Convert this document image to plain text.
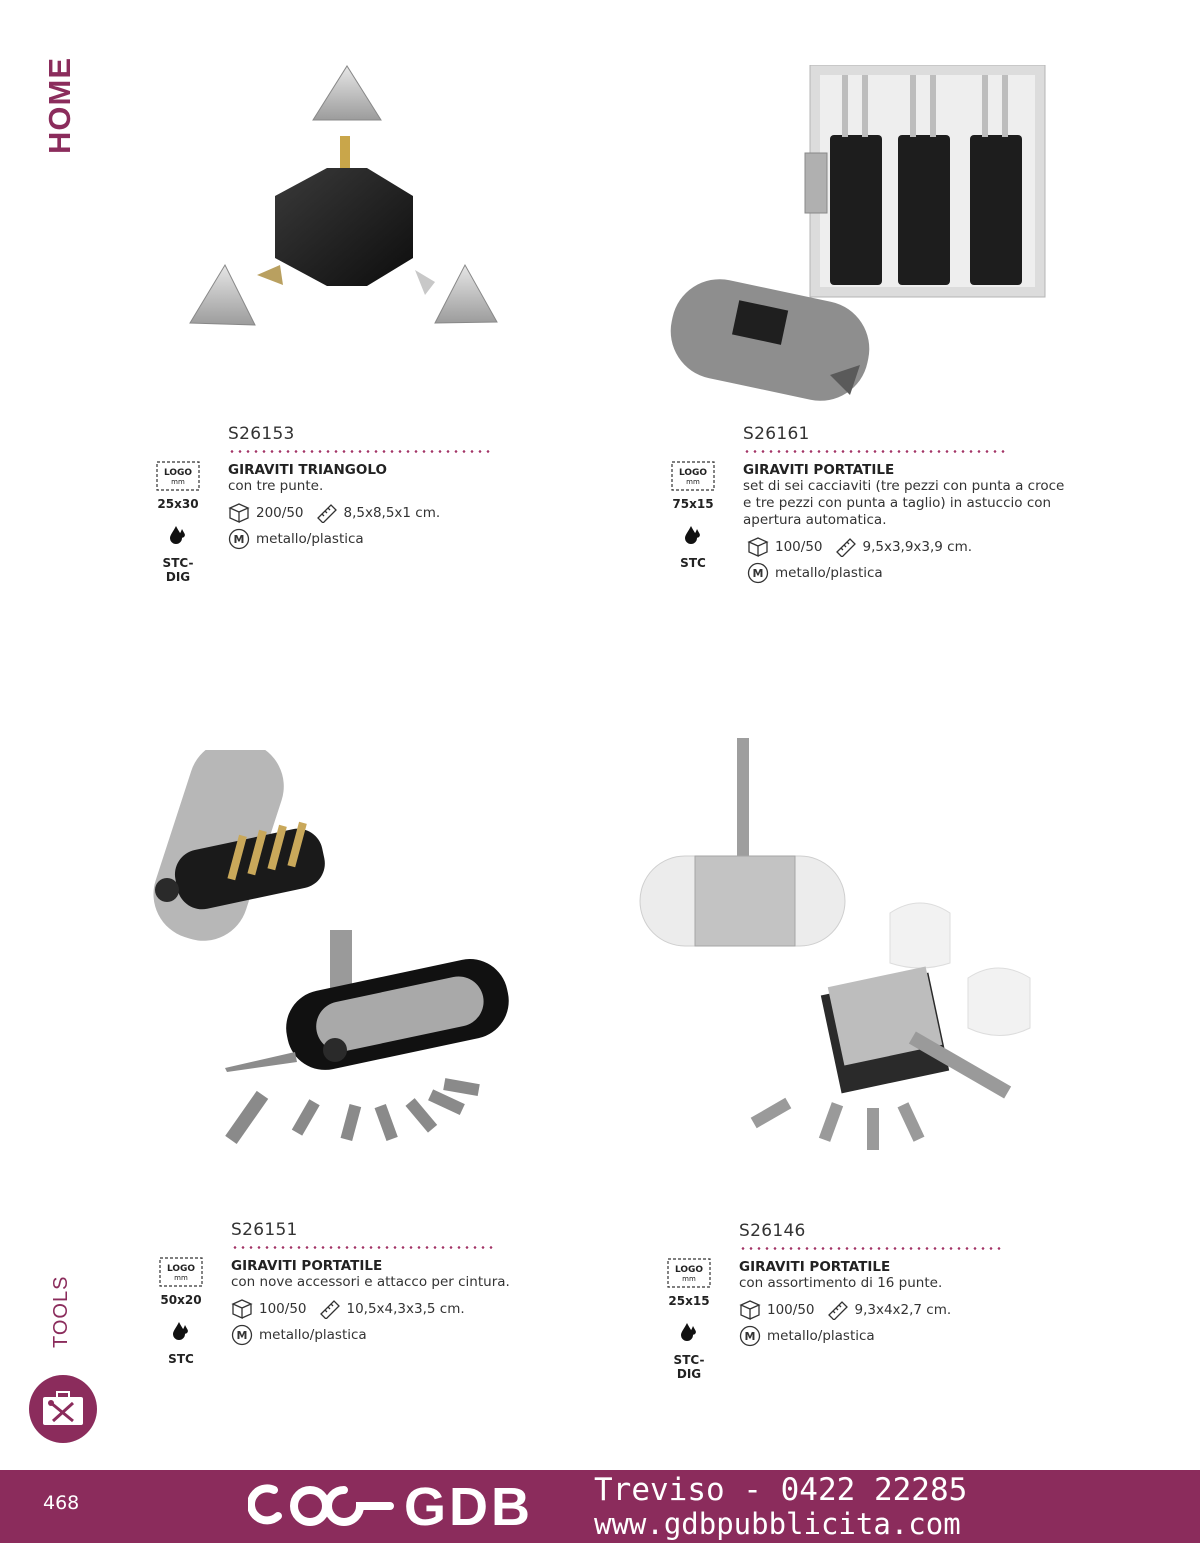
HOME
TOOLS
LOGO
mm
25x30
STC-DIG
S26153
GIRAVITI TRIANGOLO
con tre punte.
200/50	8,5x8,5x1 cm.
M metallo/plastica
LOGO
mm
75x15
STC
S26161
GIRAVITI PORTATILE
set di sei cacciaviti (tre pezzi con punta a croce e tre pezzi con punta a taglio) in astuccio con apertura automatica.
100/50	9,5x3,9x3,9 cm.
M metallo/plastica
LOGO
mm
50x20
STC
S26151
GIRAVITI PORTATILE
con nove accessori e attacco per cintura.
100/50	10,5x4,3x3,5 cm.
M metallo/plastica
LOGO
mm
25x15
STC-DIG
S26146
GIRAVITI PORTATILE
con assortimento di 16 punte.
100/50	9,3x4x2,7 cm.
M metallo/plastica
468	GDB Treviso - 0422 22285
www.gdbpubblicita.com
